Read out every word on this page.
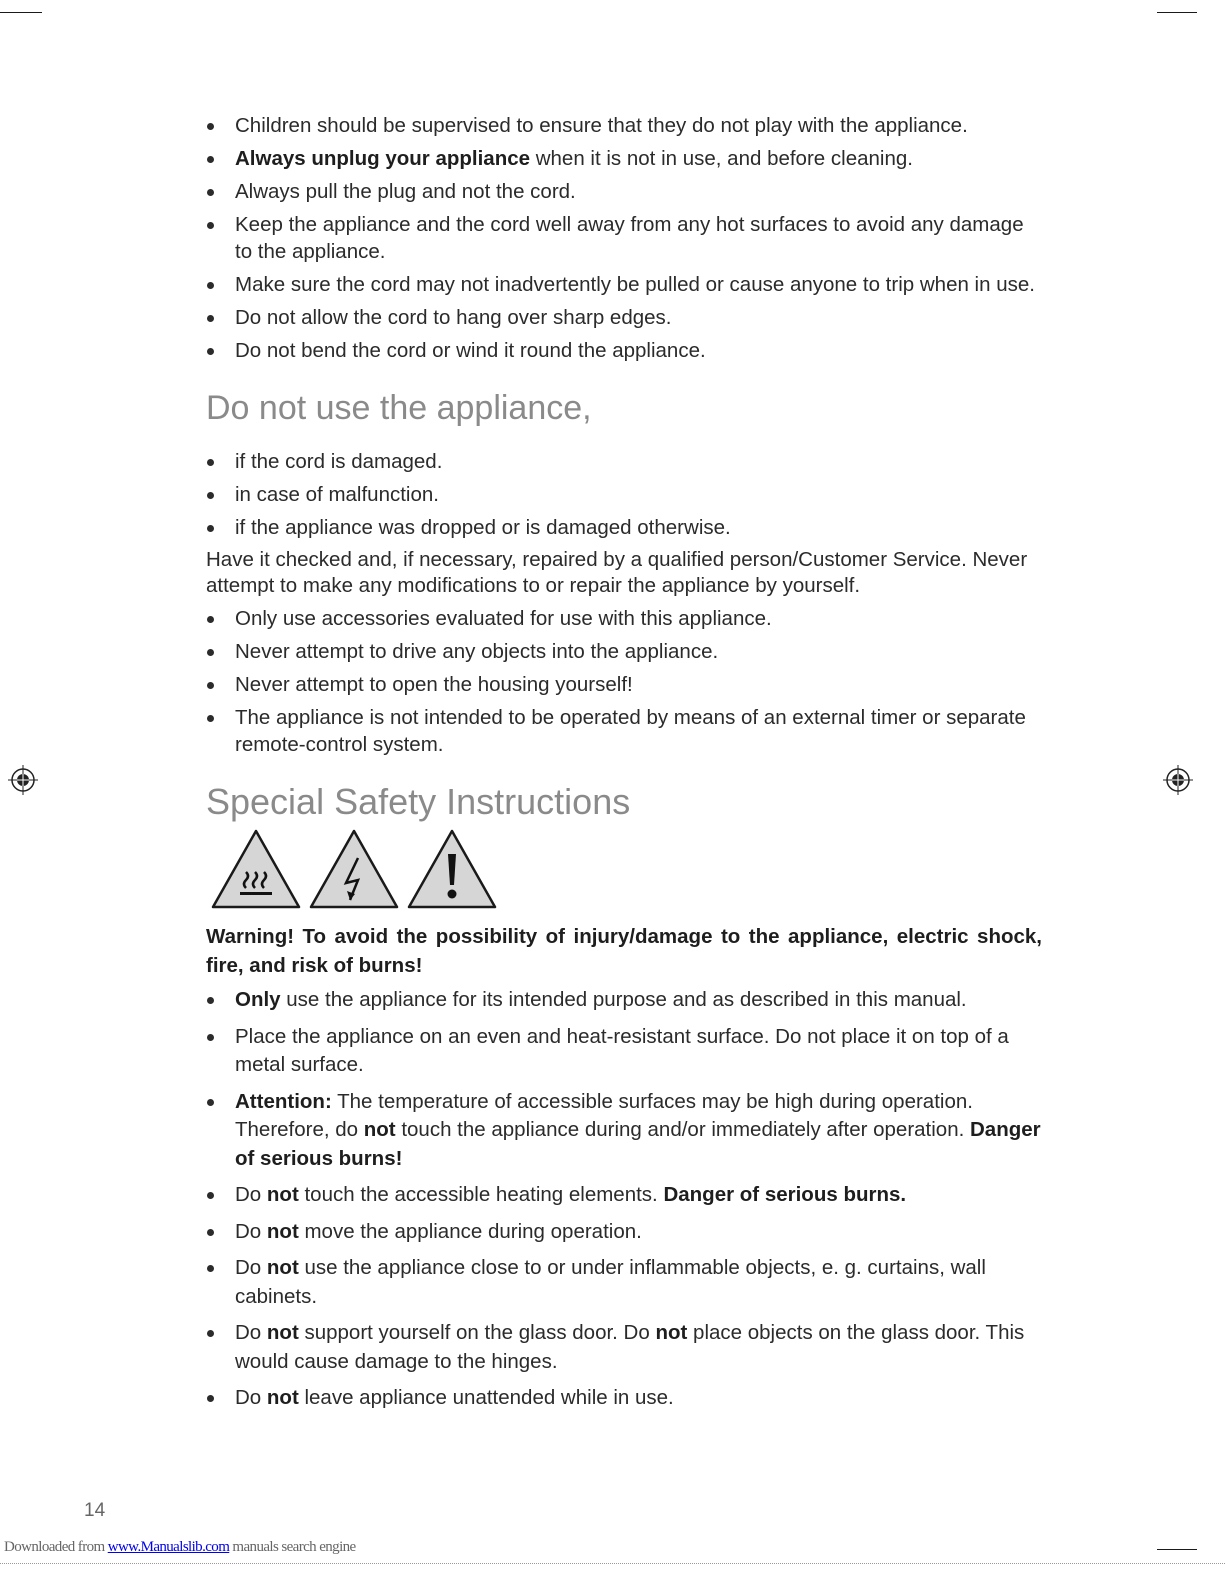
Children should be supervised to ensure that they do not play with the appliance.
Always unplug your appliance when it is not in use, and before cleaning.
Always pull the plug and not the cord.
Keep the appliance and the cord well away from any hot surfaces to avoid any damage to the appliance.
Make sure the cord may not inadvertently be pulled or cause anyone to trip when in use.
Do not allow the cord to hang over sharp edges.
Do not bend the cord or wind it round the appliance.
Do not use the appliance,
if the cord is damaged.
in case of malfunction.
if the appliance was dropped or is damaged otherwise.

Have it checked and, if necessary, repaired by a qualified person/Customer Service. Never attempt to make any modifications to or repair the appliance by yourself.

Only use accessories evaluated for use with this appliance.
Never attempt to drive any objects into the appliance.
Never attempt to open the housing yourself!
The appliance is not intended to be operated by means of an external timer or separate remote-control system.
Special Safety Instructions

Warning! To avoid the possibility of injury/damage to the appliance, electric shock, fire, and risk of burns!

Only use the appliance for its intended purpose and as described in this manual.
Place the appliance on an even and heat-resistant surface. Do not place it on top of a metal surface.
Attention: The temperature of accessible surfaces may be high during operation. Therefore, do not touch the appliance during and/or immediately after operation. Danger of serious burns!
Do not touch the accessible heating elements. Danger of serious burns.
Do not move the appliance during operation.
Do not use the appliance close to or under inflammable objects, e. g. curtains, wall cabinets.
Do not support yourself on the glass door. Do not place objects on the glass door. This would cause damage to the hinges.
Do not leave appliance unattended while in use.
14
Downloaded from www.Manualslib.com manuals search engine
